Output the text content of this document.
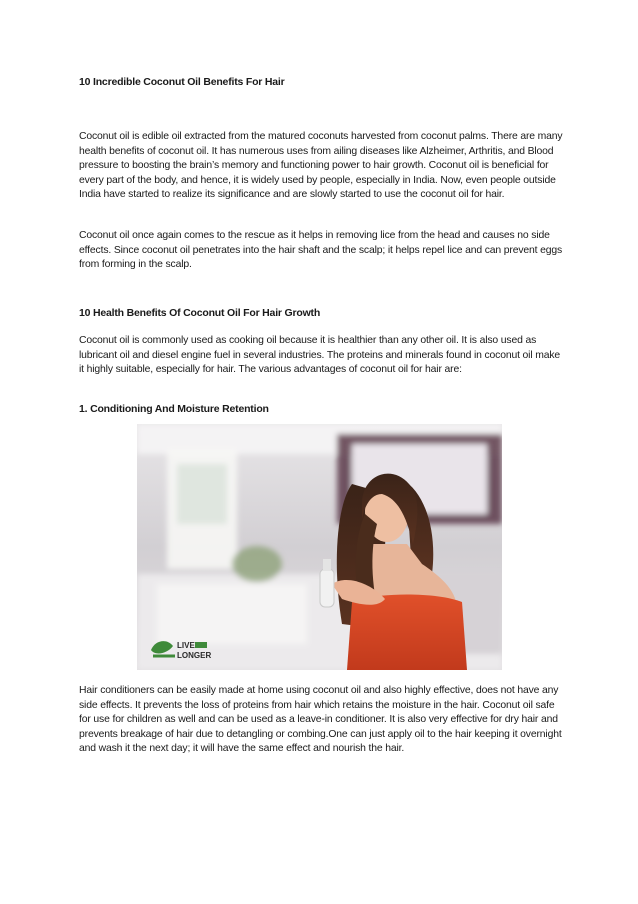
10 Incredible Coconut Oil Benefits For Hair
Coconut oil is edible oil extracted from the matured coconuts harvested from coconut palms. There are many health benefits of coconut oil. It has numerous uses from ailing diseases like Alzheimer, Arthritis, and Blood pressure to boosting the brain’s memory and functioning power to hair growth. Coconut oil is beneficial for every part of the body, and hence, it is widely used by people, especially in India. Now, even people outside India have started to realize its significance and are slowly started to use the coconut oil for hair.
Coconut oil once again comes to the rescue as it helps in removing lice from the head and causes no side effects. Since coconut oil penetrates into the hair shaft and the scalp; it helps repel lice and can prevent eggs from forming in the scalp.
10 Health Benefits Of Coconut Oil For Hair Growth
Coconut oil is commonly used as cooking oil because it is healthier than any other oil. It is also used as lubricant oil and diesel engine fuel in several industries. The proteins and minerals found in coconut oil make it highly suitable, especially for hair. The various advantages of coconut oil for hair are:
1. Conditioning And Moisture Retention
Hair conditioners can be easily made at home using coconut oil and also highly effective, does not have any side effects. It prevents the loss of proteins from hair which retains the moisture in the hair. Coconut oil safe for use for children as well and can be used as a leave-in conditioner. It is also very effective for dry hair and prevents breakage of hair due to detangling or combing.One can just apply oil to the hair keeping it overnight and wash it the next day; it will have the same effect and nourish the hair.
LIVE
LONGER
